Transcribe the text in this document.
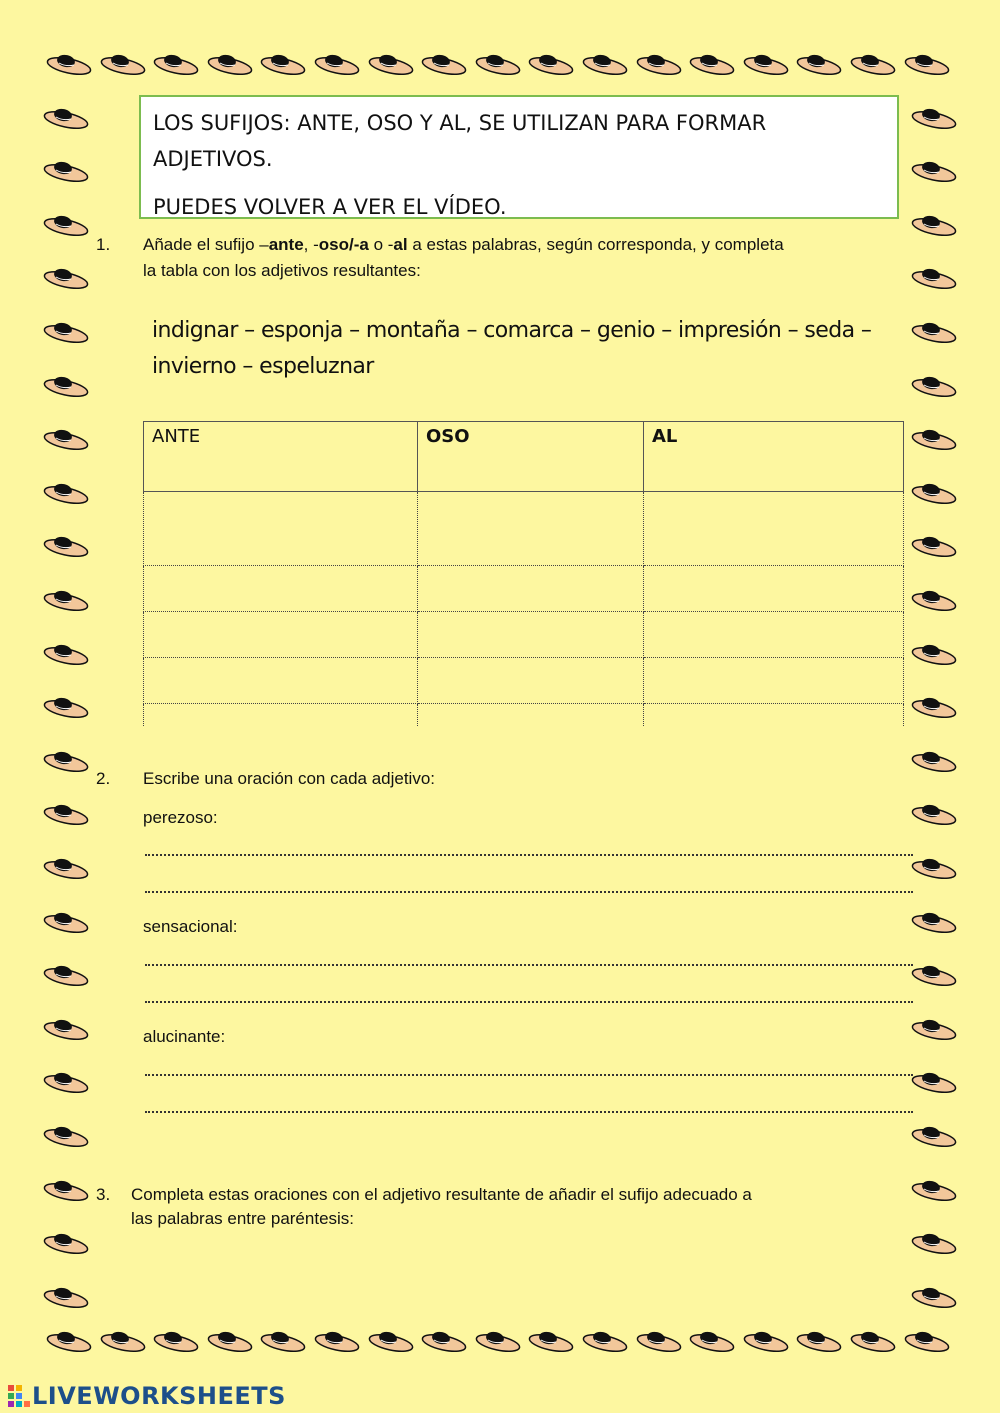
LOS SUFIJOS: ANTE, OSO Y AL, SE UTILIZAN PARA FORMAR

ADJETIVOS.

PUEDES VOLVER A VER EL VÍDEO.

1. Añade el sufijo –ante, -oso/-a o -al a estas palabras, según corresponda, y completa
la tabla con los adjetivos resultantes:
indignar – esponja – montaña – comarca – genio – impresión – seda –
invierno – espeluznar
ANTE	OSO	AL

2. Escribe una oración con cada adjetivo:
perezoso:
sensacional:
alucinante:
3. Completa estas oraciones con el adjetivo resultante de añadir el sufijo adecuado a
las palabras entre paréntesis:
LIVEWORKSHEETS
